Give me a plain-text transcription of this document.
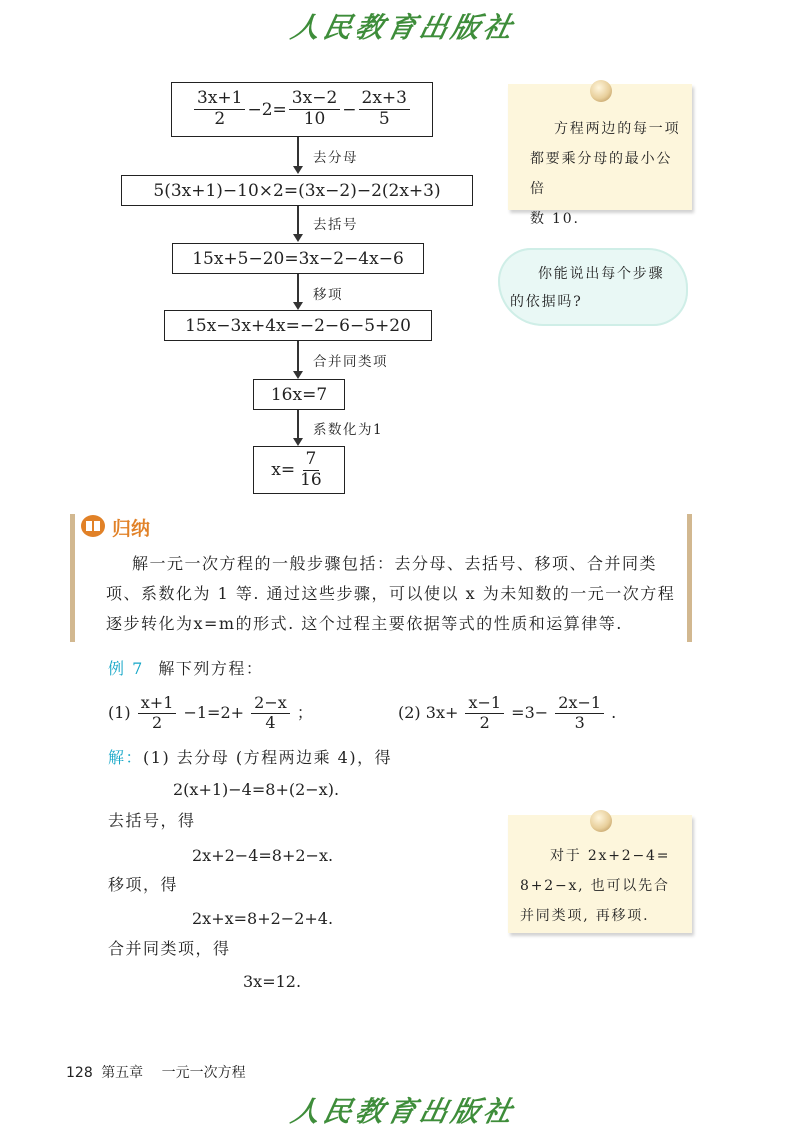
人民教育出版社
$\frac{3x+1}{2} -2= \frac{3x-2}{10} - \frac{2x+3}{5}$
去分母
5(3x+1)−10×2=(3x−2)−2(2x+3)
去括号
15x+5−20=3x−2−4x−6
移项
15x−3x+4x=−2−6−5+20
合并同类项
16x=7
系数化为1
$x= \frac{7}{16}$
方程两边的每一项
都要乘分母的最小公倍
数 10.
你能说出每个步骤
的依据吗?
归纳
解一元一次方程的一般步骤包括：去分母、去括号、移项、合并同类
项、系数化为 1 等. 通过这些步骤，可以使以 x 为未知数的一元一次方程
逐步转化为x=m的形式. 这个过程主要依据等式的性质和运算律等.
例 7 解下列方程：
$(1) \frac{x+1}{2} -1=2+ \frac{2-x}{4}$ ；	(2) $3x+ \frac{x-1}{2} =3- \frac{2x-1}{3}$ .
解：(1) 去分母 (方程两边乘 4)，得
2(x+1)−4=8+(2−x).
去括号，得
2x+2−4=8+2−x.
移项，得
2x+x=8+2−2+4.
合并同类项，得
3x=12.
对于 2x+2−4=
8+2−x, 也可以先合
并同类项, 再移项.
128 第五章 一元一次方程
人民教育出版社
